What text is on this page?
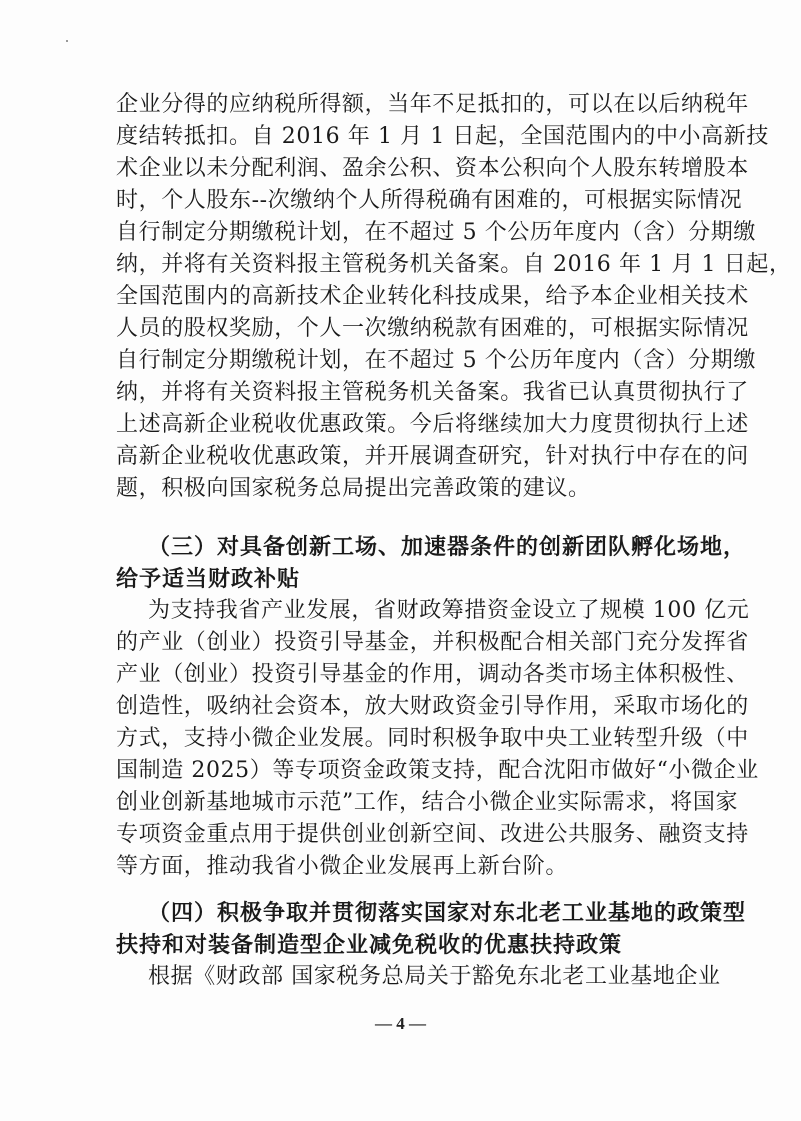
企业分得的应纳税所得额，当年不足抵扣的，可以在以后纳税年
度结转抵扣。自 2016 年 1 月 1 日起，全国范围内的中小高新技
术企业以未分配利润、盈余公积、资本公积向个人股东转增股本
时，个人股东--次缴纳个人所得税确有困难的，可根据实际情况
自行制定分期缴税计划，在不超过 5 个公历年度内（含）分期缴
纳，并将有关资料报主管税务机关备案。自 2016 年 1 月 1 日起，
全国范围内的高新技术企业转化科技成果，给予本企业相关技术
人员的股权奖励，个人一次缴纳税款有困难的，可根据实际情况
自行制定分期缴税计划，在不超过 5 个公历年度内（含）分期缴
纳，并将有关资料报主管税务机关备案。我省已认真贯彻执行了
上述高新企业税收优惠政策。今后将继续加大力度贯彻执行上述
高新企业税收优惠政策，并开展调查研究，针对执行中存在的问
题，积极向国家税务总局提出完善政策的建议。
（三）对具备创新工场、加速器条件的创新团队孵化场地，
给予适当财政补贴
为支持我省产业发展，省财政筹措资金设立了规模 100 亿元
的产业（创业）投资引导基金，并积极配合相关部门充分发挥省
产业（创业）投资引导基金的作用，调动各类市场主体积极性、
创造性，吸纳社会资本，放大财政资金引导作用，采取市场化的
方式，支持小微企业发展。同时积极争取中央工业转型升级（中
国制造 2025）等专项资金政策支持，配合沈阳市做好“小微企业
创业创新基地城市示范”工作，结合小微企业实际需求，将国家
专项资金重点用于提供创业创新空间、改进公共服务、融资支持
等方面，推动我省小微企业发展再上新台阶。
（四）积极争取并贯彻落实国家对东北老工业基地的政策型
扶持和对装备制造型企业减免税收的优惠扶持政策
根据《财政部 国家税务总局关于豁免东北老工业基地企业
— 4 —
